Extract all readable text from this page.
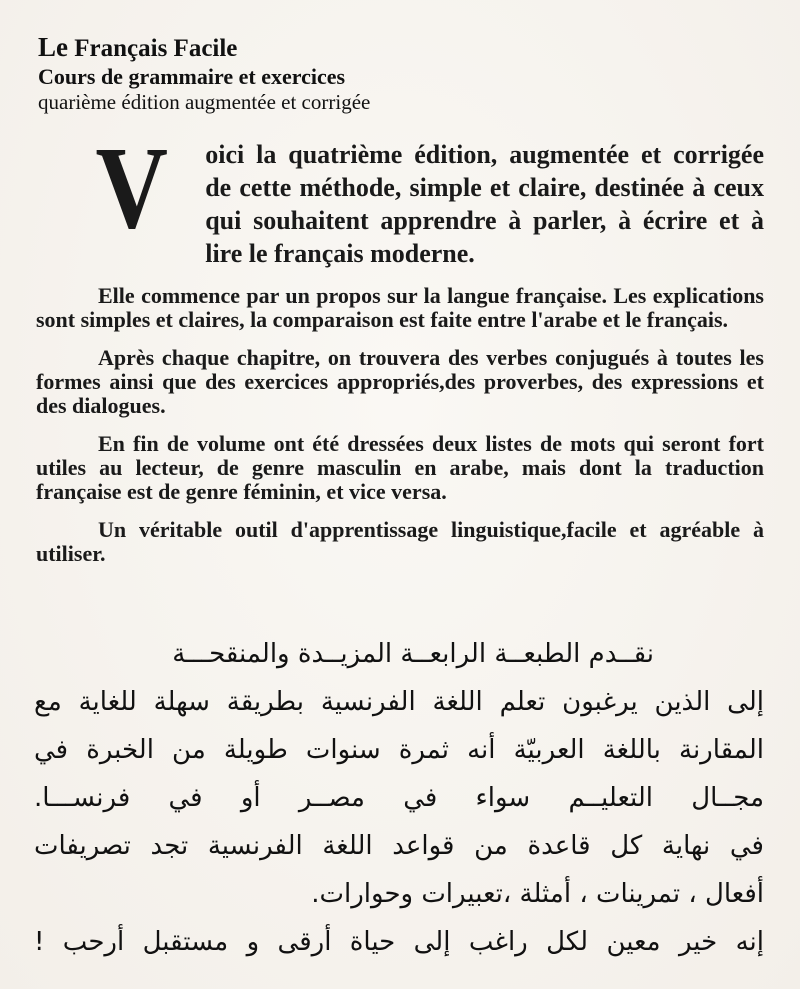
Le Français Facile
Cours de grammaire et exercices
quarième édition augmentée et corrigée

V	oici la quatrième édition, augmentée et corrigée de cette méthode, simple et claire, destinée à ceux qui souhaitent apprendre à parler, à écrire et à lire le français moderne.

Elle commence par un propos sur la langue française. Les explications sont simples et claires, la comparaison est faite entre l'arabe et le français.

Après chaque chapitre, on trouvera des verbes conjugués à toutes les formes ainsi que des exercices appropriés,des proverbes, des expressions et des dialogues.

En fin de volume ont été dressées deux listes de mots qui seront fort utiles au lecteur, de genre masculin en arabe, mais dont la traduction française est de genre féminin, et vice versa.

Un véritable outil d'apprentissage linguistique,facile et agréable à utiliser.

نقــدم الطبعــة الرابعــة المزيــدة والمنقحـــة
إلى الذين يرغبون تعلم اللغة الفرنسية بطريقة سهلة للغاية مع
المقارنة باللغة العربيّة أنه ثمرة سنوات طويلة من الخبرة في
مجــال التعليــم سواء في مصــر أو في فرنســـا.
في نهاية كل قاعدة من قواعد اللغة الفرنسية تجد تصريفات
أفعال ، تمرينات ، أمثلة ،تعبيرات وحوارات.
إنه خير معين لكل راغب إلى حياة أرقى و مستقبل أرحب !
